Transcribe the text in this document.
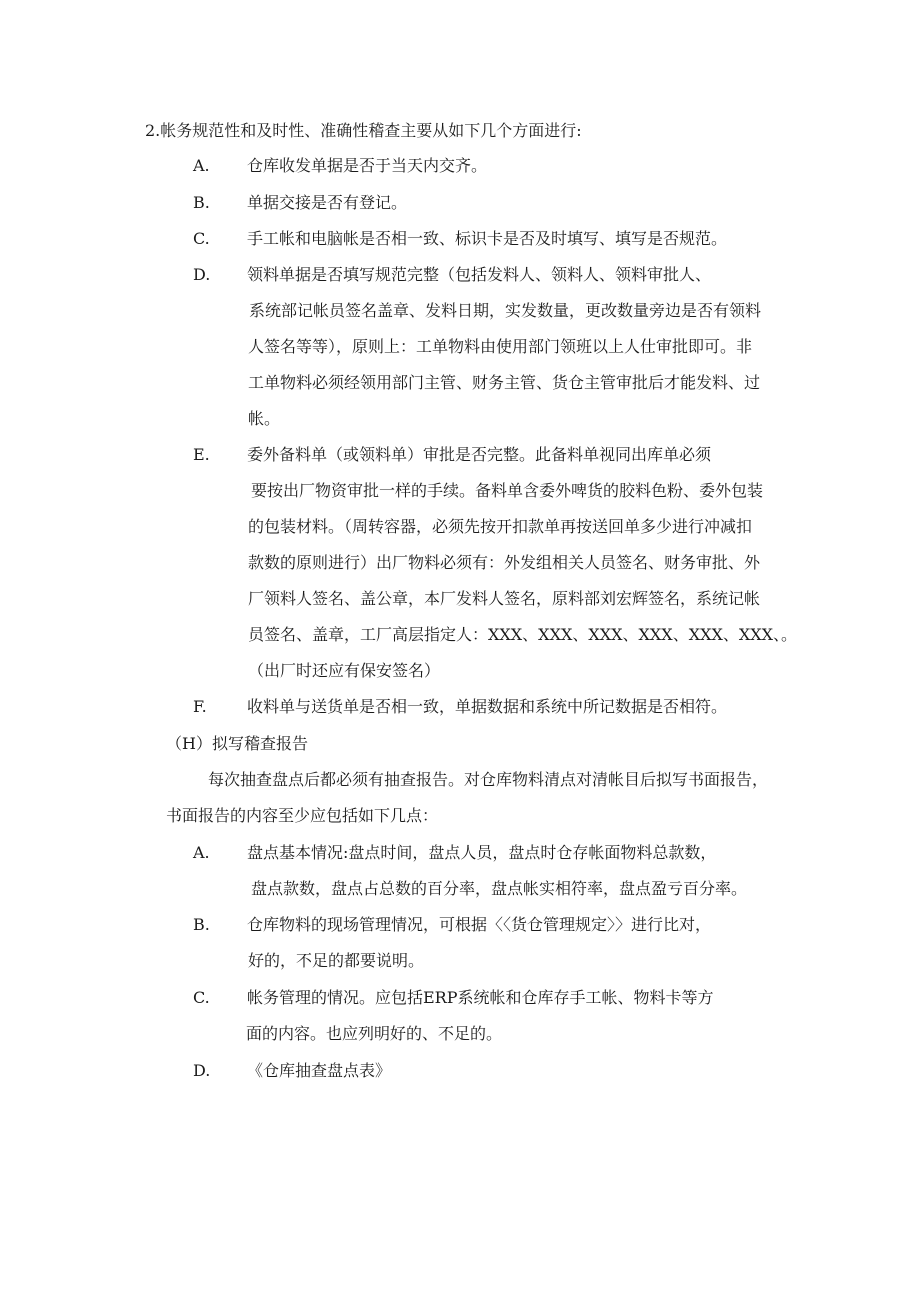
2.帐务规范性和及时性、准确性稽查主要从如下几个方面进行:
A. 仓库收发单据是否于当天内交齐。
B. 单据交接是否有登记。
C. 手工帐和电脑帐是否相一致、标识卡是否及时填写、填写是否规范。
D. 领料单据是否填写规范完整（包括发料人、领料人、领料审批人、
系统部记帐员签名盖章、发料日期，实发数量，更改数量旁边是否有领料
人签名等等），原则上：工单物料由使用部门领班以上人仕审批即可。非
工单物料必须经领用部门主管、财务主管、货仓主管审批后才能发料、过
帐。
E. 委外备料单（或领料单）审批是否完整。此备料单视同出库单必须
要按出厂物资审批一样的手续。备料单含委外啤货的胶料色粉、委外包装
的包装材料。（周转容器，必须先按开扣款单再按送回单多少进行冲减扣
款数的原则进行）出厂物料必须有：外发组相关人员签名、财务审批、外
厂领料人签名、盖公章，本厂发料人签名，原料部刘宏辉签名，系统记帐
员签名、盖章，工厂高层指定人：XXX、XXX、XXX、XXX、XXX、XXX、。
（出厂时还应有保安签名）
F.	收料单与送货单是否相一致，单据数据和系统中所记数据是否相符。
（H）拟写稽查报告
每次抽查盘点后都必须有抽查报告。对仓库物料清点对清帐目后拟写书面报告，
书面报告的内容至少应包括如下几点：
A. 盘点基本情况:盘点时间，盘点人员，盘点时仓存帐面物料总款数，
盘点款数，盘点占总数的百分率，盘点帐实相符率，盘点盈亏百分率。
B. 仓库物料的现场管理情况，可根据〈〈货仓管理规定〉〉进行比对，
好的，不足的都要说明。
C. 帐务管理的情况。应包括ERP系统帐和仓库存手工帐、物料卡等方
面的内容。也应列明好的、不足的。
D. 《仓库抽查盘点表》
